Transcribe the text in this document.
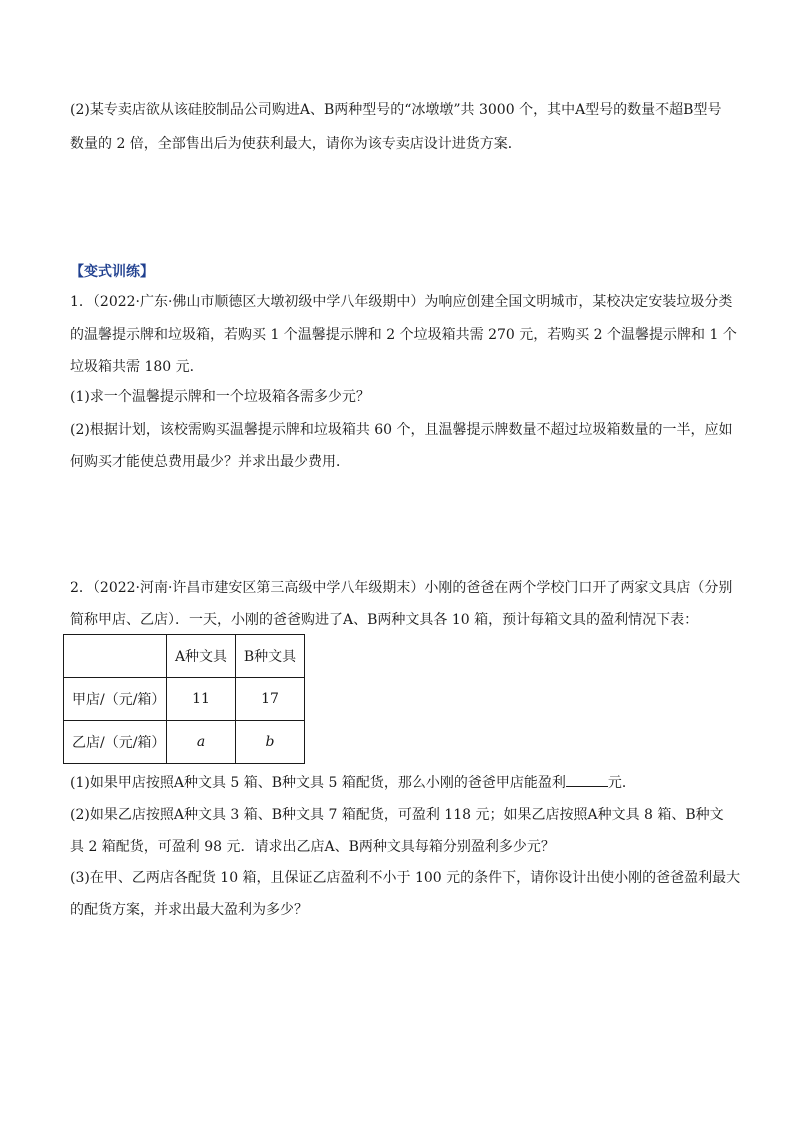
(2)某专卖店欲从该硅胶制品公司购进A、B两种型号的“冰墩墩”共 3000 个，其中A型号的数量不超B型号
数量的 2 倍，全部售出后为使获利最大，请你为该专卖店设计进货方案．
【变式训练】
1．（2022·广东·佛山市顺德区大墩初级中学八年级期中）为响应创建全国文明城市，某校决定安装垃圾分类
的温馨提示牌和垃圾箱，若购买 1 个温馨提示牌和 2 个垃圾箱共需 270 元，若购买 2 个温馨提示牌和 1 个
垃圾箱共需 180 元．
(1)求一个温馨提示牌和一个垃圾箱各需多少元？
(2)根据计划，该校需购买温馨提示牌和垃圾箱共 60 个，且温馨提示牌数量不超过垃圾箱数量的一半，应如
何购买才能使总费用最少？并求出最少费用．
2．（2022·河南·许昌市建安区第三高级中学八年级期末）小刚的爸爸在两个学校门口开了两家文具店（分别
简称甲店、乙店）．一天，小刚的爸爸购进了A、B两种文具各 10 箱，预计每箱文具的盈利情况下表：
	A种文具	B种文具
甲店/（元/箱）	11	17
乙店/（元/箱）	a	b
(1)如果甲店按照A种文具 5 箱、B种文具 5 箱配货，那么小刚的爸爸甲店能盈利	元．
(2)如果乙店按照A种文具 3 箱、B种文具 7 箱配货，可盈利 118 元；如果乙店按照A种文具 8 箱、B种文
具 2 箱配货，可盈利 98 元．请求出乙店A、B两种文具每箱分别盈利多少元？
(3)在甲、乙两店各配货 10 箱，且保证乙店盈利不小于 100 元的条件下，请你设计出使小刚的爸爸盈利最大
的配货方案，并求出最大盈利为多少？
